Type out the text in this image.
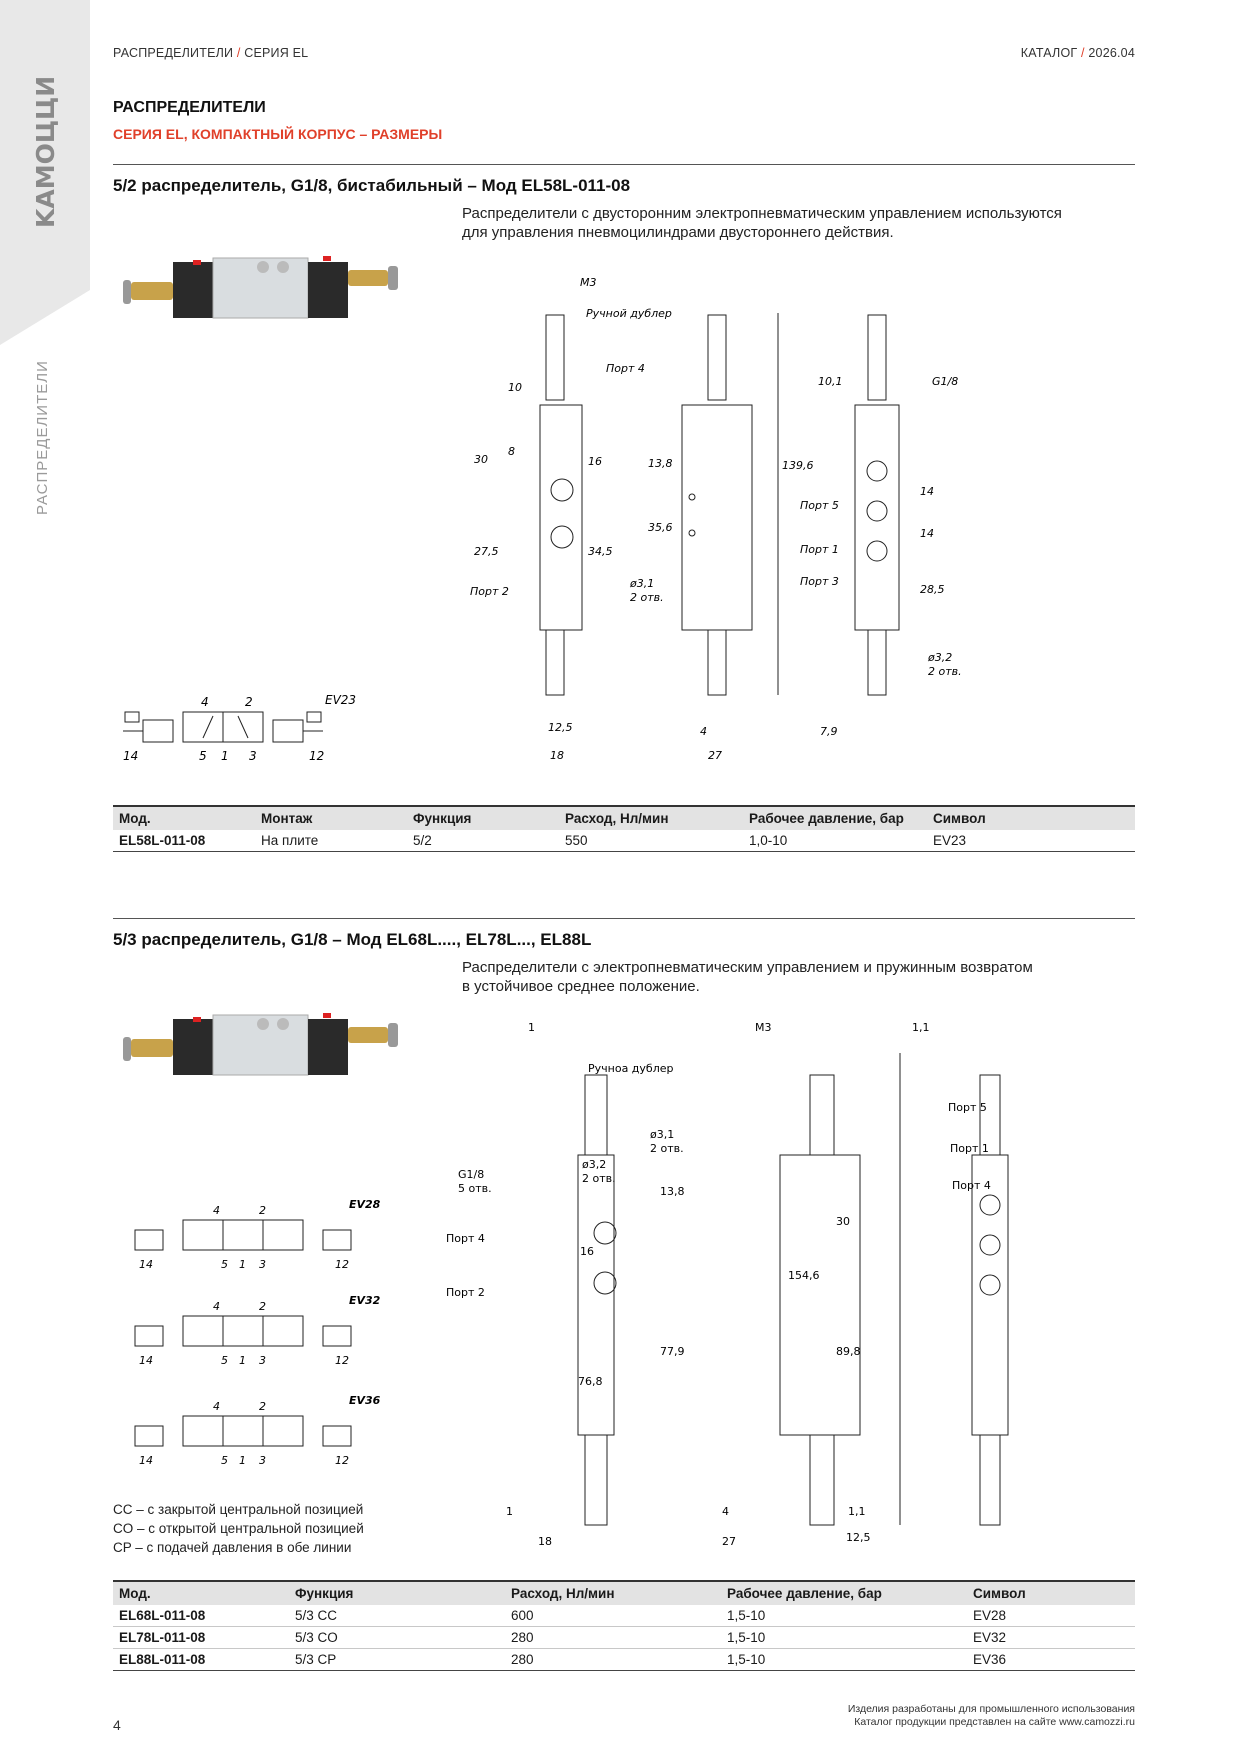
KAMOЦЦИ
РАСПРЕДЕЛИТЕЛИ
РАСПРЕДЕЛИТЕЛИ / СЕРИЯ EL	КАТАЛОГ / 2026.04
РАСПРЕДЕЛИТЕЛИ
СЕРИЯ EL, КОМПАКТНЫЙ КОРПУС – РАЗМЕРЫ
5/2 распределитель, G1/8, бистабильный – Мод EL58L-011-08
Распределители с двусторонним электропневматическим управлением используются
для управления пневмоцилиндрами двустороннего действия.
4	2
14	5 1 3	12
EV23
M3
Ручной дублер
Порт 4
Порт 2
10
8
30	16
27,5	34,5
12,5
18
13,8
35,6
139,6
ø3,1
2 отв.
4
27
10,1	G1/8
Порт 5
Порт 1
Порт 3
14
14
28,5
ø3,2
2 отв.
7,9
Мод.	Монтаж	Функция	Расход, Нл/мин	Рабочее давление, бар	Символ
EL58L-011-08	На плите	5/2	550	1,0-10	EV23
5/3 распределитель, G1/8 – Мод EL68L...., EL78L..., EL88L
Распределители с электропневматическим управлением и пружинным возвратом
в устойчивое среднее положение.
EV28
EV32
EV36
4	2
14	5 1 3	12
4	2
14	5 1 3	12
4	2
14	5 1 3	12
CC – с закрытой центральной позицией
CO – с открытой центральной позицией
CP – с подачей давления в обе линии
1
Ручноа дублер
M3	1,1
ø3,1
2 отв.
ø3,2
2 отв.
G1/8
5 отв.
Порт 4
Порт 2
16
76,8
1
18
13,8
77,9
154,6
4
27
Порт 5
Порт 1
Порт 4
30
89,8
1,1
12,5
Мод.	Функция	Расход, Нл/мин	Рабочее давление, бар	Символ
EL68L-011-08	5/3 CC	600	1,5-10	EV28
EL78L-011-08	5/3 CO	280	1,5-10	EV32
EL88L-011-08	5/3 CP	280	1,5-10	EV36
4
Изделия разработаны для промышленного использования
Каталог продукции представлен на сайте www.camozzi.ru
